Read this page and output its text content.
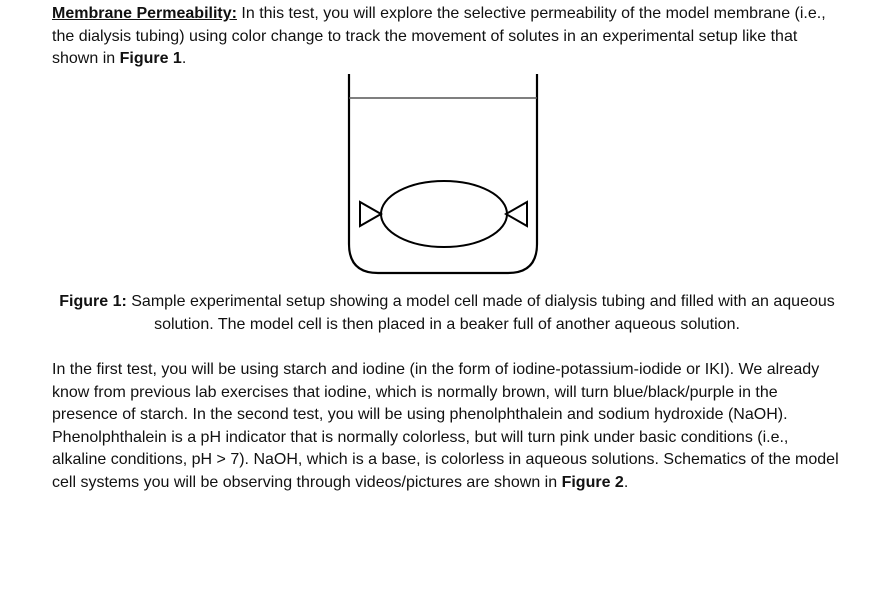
Membrane Permeability: In this test, you will explore the selective permeability of the model membrane (i.e., the dialysis tubing) using color change to track the movement of solutes in an experimental setup like that shown in Figure 1.

Figure 1: Sample experimental setup showing a model cell made of dialysis tubing and filled with an aqueous solution. The model cell is then placed in a beaker full of another aqueous solution.

In the first test, you will be using starch and iodine (in the form of iodine-potassium-iodide or IKI). We already know from previous lab exercises that iodine, which is normally brown, will turn blue/black/purple in the presence of starch. In the second test, you will be using phenolphthalein and sodium hydroxide (NaOH). Phenolphthalein is a pH indicator that is normally colorless, but will turn pink under basic conditions (i.e., alkaline conditions, pH > 7). NaOH, which is a base, is colorless in aqueous solutions. Schematics of the model cell systems you will be observing through videos/pictures are shown in Figure 2.
